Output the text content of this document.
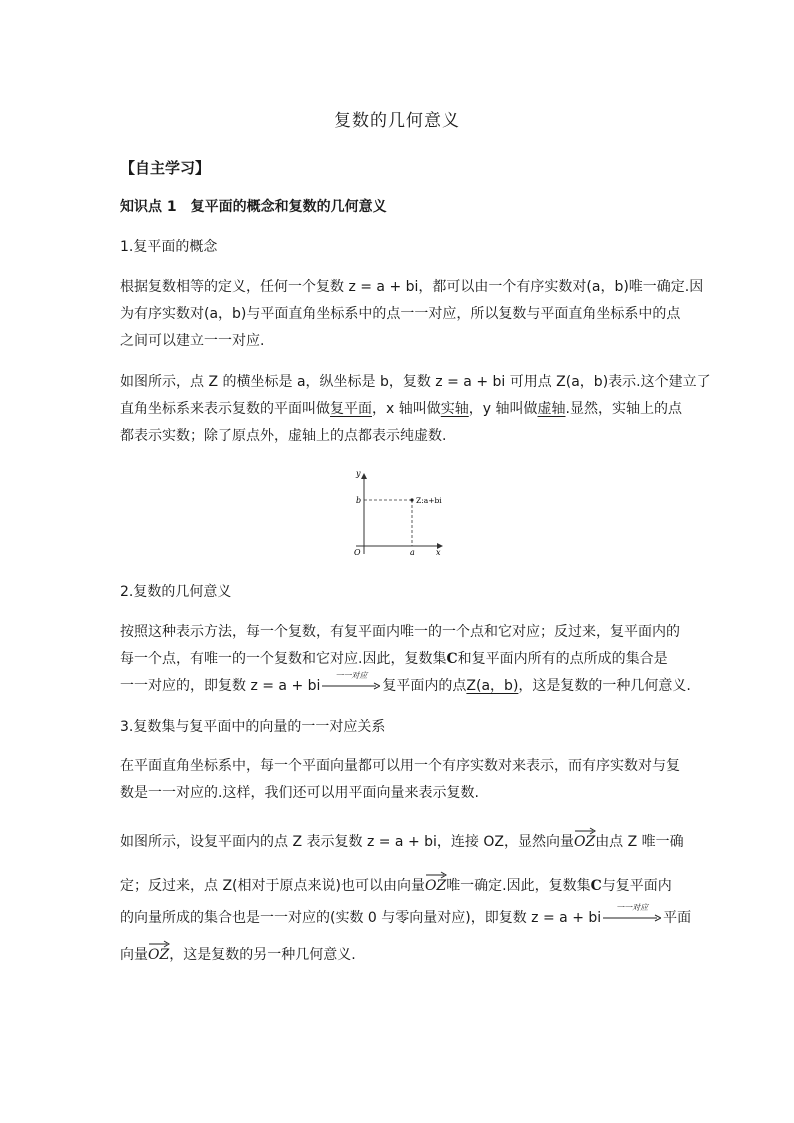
复数的几何意义
【自主学习】
知识点 1 复平面的概念和复数的几何意义
1.复平面的概念
根据复数相等的定义，任何一个复数 z = a + bi，都可以由一个有序实数对(a，b)唯一确定.因
为有序实数对(a，b)与平面直角坐标系中的点一一对应，所以复数与平面直角坐标系中的点
之间可以建立一一对应.
如图所示，点 Z 的横坐标是 a，纵坐标是 b，复数 z = a + bi 可用点 Z(a，b)表示.这个建立了
直角坐标系来表示复数的平面叫做复平面，x 轴叫做实轴，y 轴叫做虚轴.显然，实轴上的点
都表示实数；除了原点外，虚轴上的点都表示纯虚数.
y
x
O
b
a
Z:a+bi
2.复数的几何意义
按照这种表示方法，每一个复数，有复平面内唯一的一个点和它对应；反过来，复平面内的
每一个点，有唯一的一个复数和它对应.因此，复数集C和复平面内所有的点所成的集合是
一一对应的，即复数 z = a + bi
一一对应
复平面内的点Z(a，b)，这是复数的一种几何意义.
3.复数集与复平面中的向量的一一对应关系
在平面直角坐标系中，每一个平面向量都可以用一个有序实数对来表示，而有序实数对与复
数是一一对应的.这样，我们还可以用平面向量来表示复数.
如图所示，设复平面内的点 Z 表示复数 z = a + bi，连接 OZ，显然向量
OZ由点 Z 唯一确
定；反过来，点 Z(相对于原点来说)也可以由向量
OZ唯一确定.因此，复数集C与复平面内
的向量所成的集合也是一一对应的(实数 0 与零向量对应)，即复数 z = a + bi
一一对应
平面
向量
OZ，这是复数的另一种几何意义.
